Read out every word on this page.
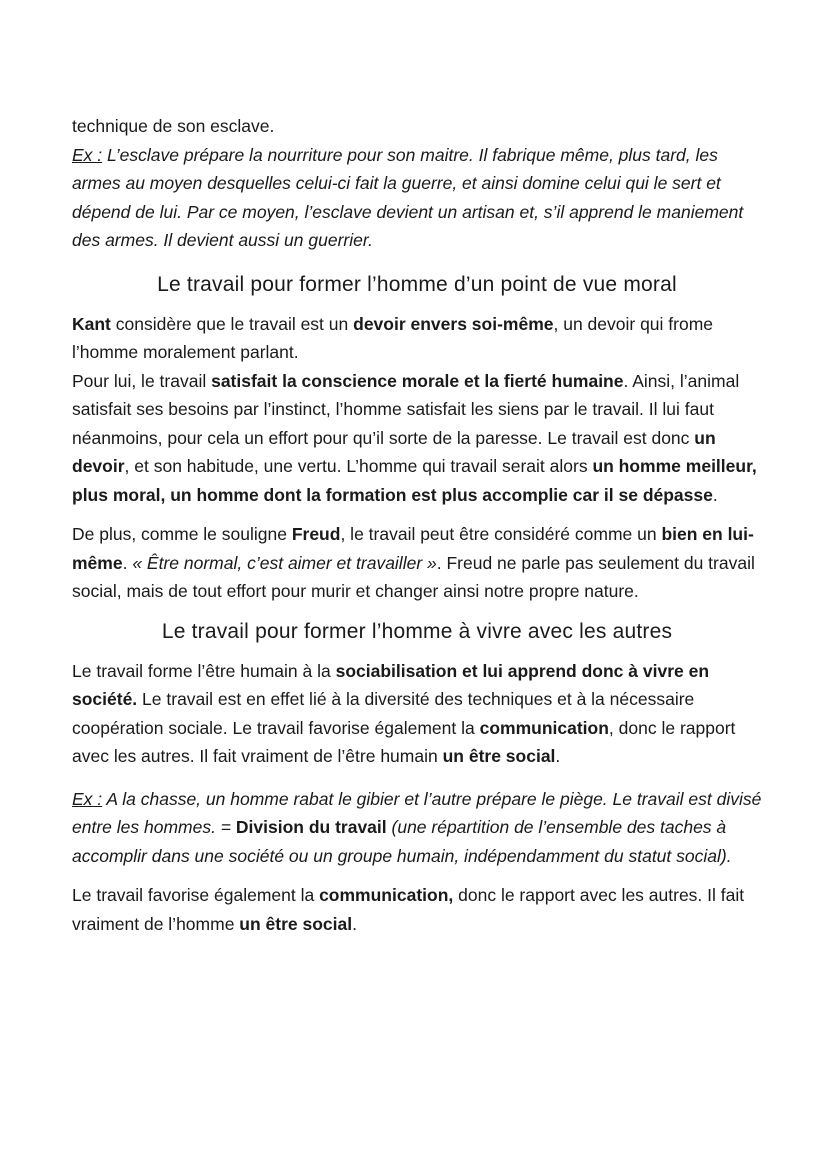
technique de son esclave.
Ex : L’esclave prépare la nourriture pour son maitre. Il fabrique même, plus tard, les armes au moyen desquelles celui-ci fait la guerre, et ainsi domine celui qui le sert et dépend de lui. Par ce moyen, l’esclave devient un artisan et, s’il apprend le maniement des armes. Il devient aussi un guerrier.

Le travail pour former l’homme d’un point de vue moral

Kant considère que le travail est un devoir envers soi-même, un devoir qui frome l’homme moralement parlant.
Pour lui, le travail satisfait la conscience morale et la fierté humaine. Ainsi, l’animal satisfait ses besoins par l’instinct, l’homme satisfait les siens par le travail. Il lui faut néanmoins, pour cela un effort pour qu’il sorte de la paresse. Le travail est donc un devoir, et son habitude, une vertu. L’homme qui travail serait alors un homme meilleur, plus moral, un homme dont la formation est plus accomplie car il se dépasse.

De plus, comme le souligne Freud, le travail peut être considéré comme un bien en lui-même. « Être normal, c’est aimer et travailler ». Freud ne parle pas seulement du travail social, mais de tout effort pour murir et changer ainsi notre propre nature.

Le travail pour former l’homme à vivre avec les autres

Le travail forme l’être humain à la sociabilisation et lui apprend donc à vivre en société. Le travail est en effet lié à la diversité des techniques et à la nécessaire coopération sociale. Le travail favorise également la communication, donc le rapport avec les autres. Il fait vraiment de l’être humain un être social.

Ex : A la chasse, un homme rabat le gibier et l’autre prépare le piège. Le travail est divisé entre les hommes. = Division du travail (une répartition de l’ensemble des taches à accomplir dans une société ou un groupe humain, indépendamment du statut social).

Le travail favorise également la communication, donc le rapport avec les autres. Il fait vraiment de l’homme un être social.
